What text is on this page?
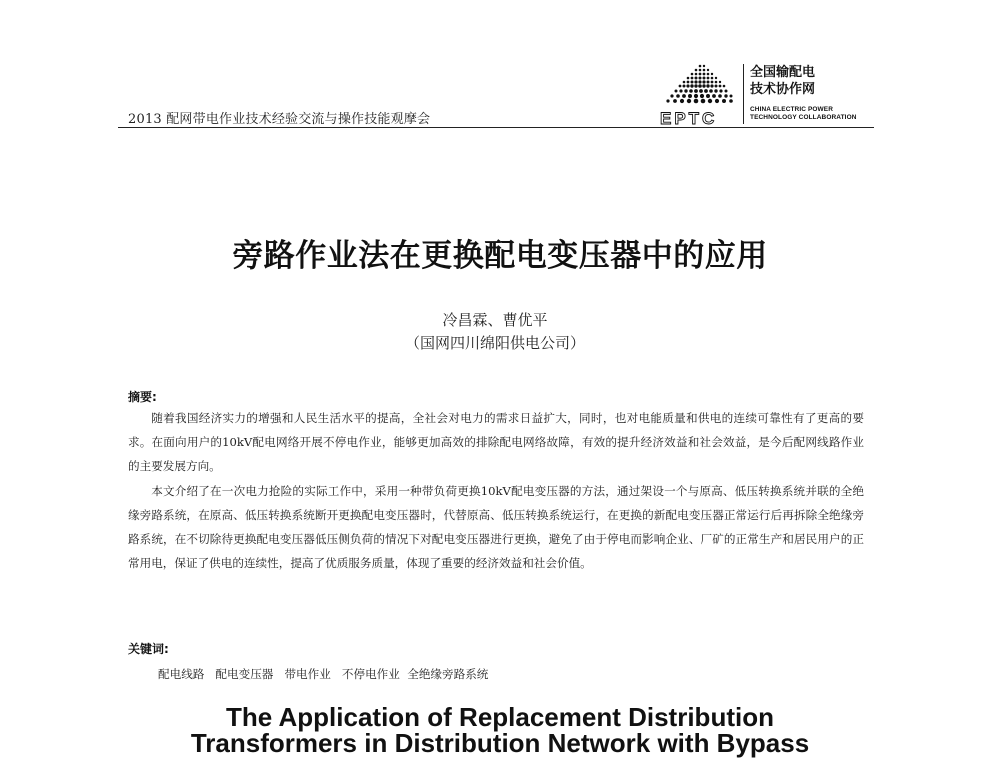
2013 配网带电作业技术经验交流与操作技能观摩会	EPTC
全国输配电
技术协作网
CHINA ELECTRIC POWER
TECHNOLOGY COLLABORATION
旁路作业法在更换配电变压器中的应用
冷昌霖、曹优平
（国网四川绵阳供电公司）
摘要:

随着我国经济实力的增强和人民生活水平的提高，全社会对电力的需求日益扩大，同时，也对电能质量和供电的连续可靠性有了更高的要求。在面向用户的10kV配电网络开展不停电作业，能够更加高效的排除配电网络故障，有效的提升经济效益和社会效益，是今后配网线路作业的主要发展方向。

本文介绍了在一次电力抢险的实际工作中，采用一种带负荷更换10kV配电变压器的方法，通过架设一个与原高、低压转换系统并联的全绝缘旁路系统，在原高、低压转换系统断开更换配电变压器时，代替原高、低压转换系统运行，在更换的新配电变压器正常运行后再拆除全绝缘旁路系统，在不切除待更换配电变压器低压侧负荷的情况下对配电变压器进行更换，避免了由于停电而影响企业、厂矿的正常生产和居民用户的正常用电，保证了供电的连续性，提高了优质服务质量，体现了重要的经济效益和社会价值。

关键词:
配电线路   配电变压器   带电作业   不停电作业  全绝缘旁路系统
The Application of Replacement Distribution
Transformers in Distribution Network with Bypass
